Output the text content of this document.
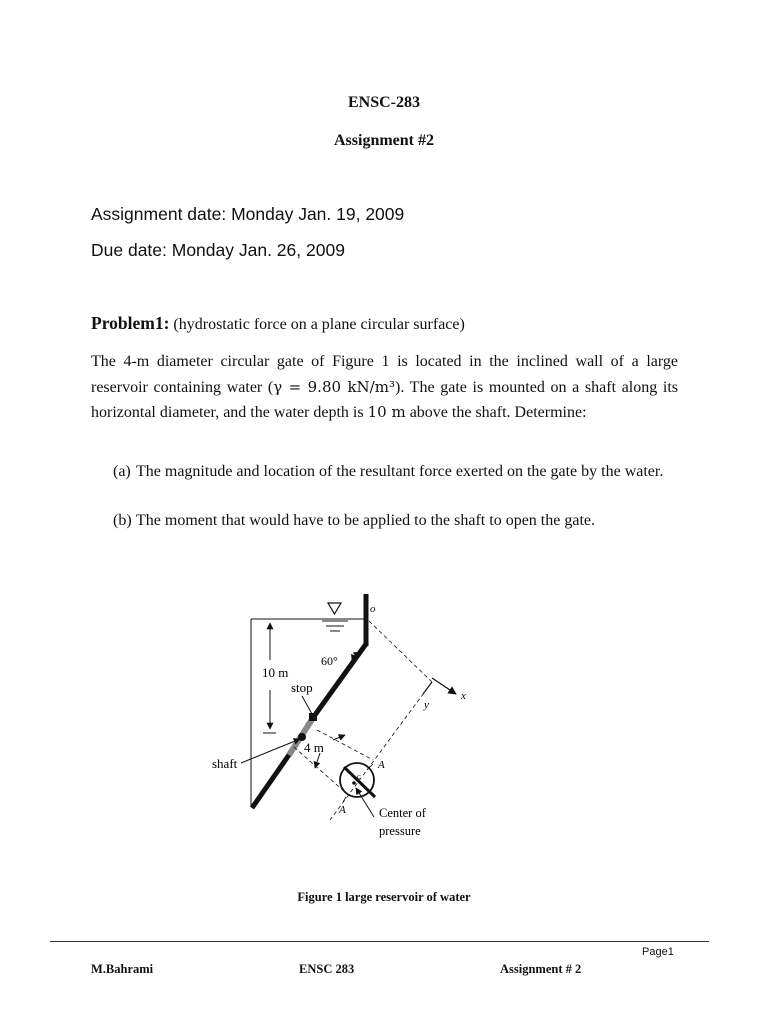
ENSC-283
Assignment #2
Assignment date: Monday Jan. 19, 2009
Due date: Monday Jan. 26, 2009
Problem1: (hydrostatic force on a plane circular surface)
The 4-m diameter circular gate of Figure 1 is located in the inclined wall of a large reservoir containing water (γ = 9.80 kN/m³). The gate is mounted on a shaft along its horizontal diameter, and the water depth is 10 m above the shaft. Determine:
(a) The magnitude and location of the resultant force exerted on the gate by the water.
(b) The moment that would have to be applied to the shaft to open the gate.
10 m
60°
o
x
y
stop
4 m
shaft
c
A
A	Center of
pressure
Figure 1 large reservoir of water
Page1
M.Bahrami	ENSC 283	Assignment # 2
